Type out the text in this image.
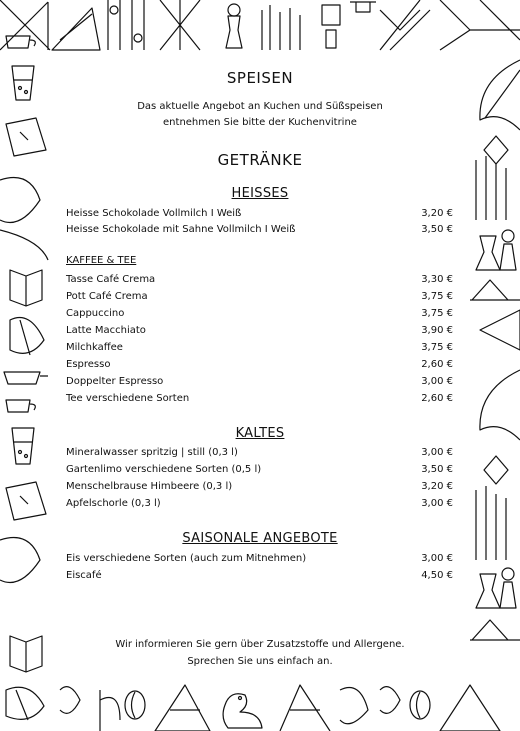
SPEISEN
Das aktuelle Angebot an Kuchen und Süßspeisen
entnehmen Sie bitte der Kuchenvitrine
GETRÄNKE
HEISSES
Heisse Schokolade Vollmilch I Weiß	3,20 €
Heisse Schokolade mit Sahne Vollmilch I Weiß	3,50 €
KAFFEE & TEE
Tasse Café Crema	3,30 €
Pott Café Crema	3,75 €
Cappuccino	3,75 €
Latte Macchiato	3,90 €
Milchkaffee	3,75 €
Espresso	2,60 €
Doppelter Espresso	3,00 €
Tee verschiedene Sorten	2,60 €
KALTES
Mineralwasser spritzig | still (0,3 l)	3,00 €
Gartenlimo verschiedene Sorten (0,5 l)	3,50 €
Menschelbrause Himbeere (0,3 l)	3,20 €
Apfelschorle (0,3 l)	3,00 €
SAISONALE ANGEBOTE
Eis verschiedene Sorten (auch zum Mitnehmen)	3,00 €
Eiscafé	4,50 €
Wir informieren Sie gern über Zusatzstoffe und Allergene.
Sprechen Sie uns einfach an.
